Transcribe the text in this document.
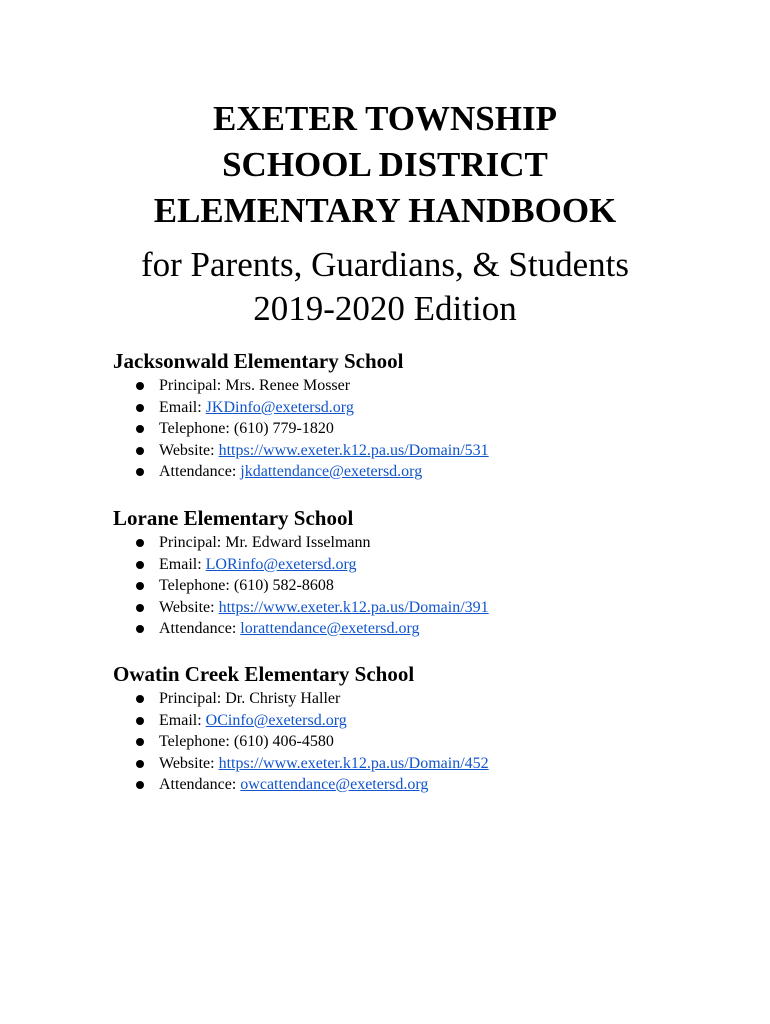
EXETER TOWNSHIP

SCHOOL DISTRICT

ELEMENTARY HANDBOOK

for Parents, Guardians, & Students

2019-2020 Edition

Jacksonwald Elementary School

Principal: Mrs. Renee Mosser
Email: JKDinfo@exetersd.org
Telephone: (610) 779-1820
Website: https://www.exeter.k12.pa.us/Domain/531
Attendance: jkdattendance@exetersd.org

Lorane Elementary School

Principal: Mr. Edward Isselmann
Email: LORinfo@exetersd.org
Telephone: (610) 582-8608
Website: https://www.exeter.k12.pa.us/Domain/391
Attendance: lorattendance@exetersd.org

Owatin Creek Elementary School

Principal: Dr. Christy Haller
Email: OCinfo@exetersd.org
Telephone: (610) 406-4580
Website: https://www.exeter.k12.pa.us/Domain/452
Attendance: owcattendance@exetersd.org
